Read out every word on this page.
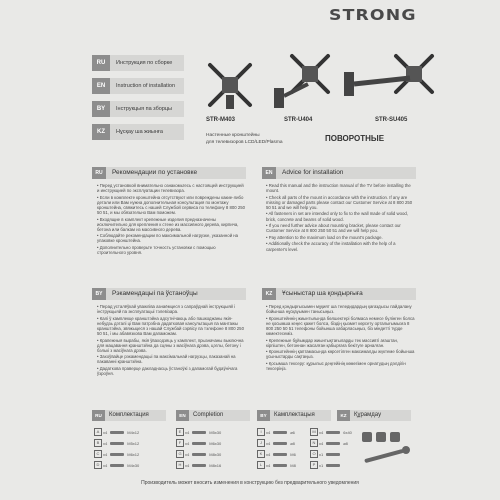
STRONG
RU	Инструкция по сборке
EN	Instruction of installation
BY	Інструкцыя па зборцы
KZ	Нұсқау ша жиынға
STR-M403	STR-U404	STR-SU405
Настенные кронштейны
для телевизоров LCD/LED/Plasma	ПОВОРОТНЫЕ
RU	Рекомендации по установке

• Перед установкой внимательно ознакомьтесь с настоящей инструкцией и инструкцией по эксплуатации телевизора.

• Если в комплекте кронштейна отсутствуют или повреждены какие-либо детали или Вам нужна дополнительная консультация по монтажу кронштейна, свяжитесь с нашей Службой сервиса по телефону 8 800 250 50 51, и мы обязательно Вам поможем.

• Входящие в комплект крепежные изделия предназначены исключительно для крепления к стене из массивного дерева, кирпича, бетона или балкам из массивного дерева.

• Соблюдайте рекомендации по максимальной нагрузке, указанной на упаковке кронштейна.

• Дополнительно проверьте точность установки с помощью строительного уровня.

EN	Advice for installation

• Read this manual and the instruction manual of the TV before installing the mount.

• Check all parts of the mount in accordance with the instruction. If any are missing or damaged parts please contact our Customer Service at 8 800 250 50 51 and we will help you.

• All fasteners in set are intended only to fix to the wall made of solid wood, brick, concrete and beams of solid wood.

• If you need further advice about mounting bracket, please contact our Customer Service at 8 800 250 50 51 and we will help you.

• Pay attention to the maximum load on the mount's package.

• Additionally check the accuracy of the installation with the help of a carpenter's level.

BY	Рэкамендацыі па ўстаноўцы

• Перад усталёўкай уважліва азнаёмцеся з сапраўднай інструкцыяй і інструкцыяй па эксплуатацыі тэлевізара.

• Калі ў камплекце кранштэйна адсутнічаюць або пашкоджаны якія-небудзь дэталі ці Вам патрэбна дадатковая кансультацыя па мантажы кранштэйна, звяжыцеся з нашай Службай сэрвісу па тэлефоне 8 800 250 50 51, і мы абавязкова Вам дапаможам.

• Крапежныя вырабы, якія ўваходзяць у камплект, прызначаны выключна для мацавання кранштэйна да сцяны з масіўнага дрэва, цэглы, бетону і бэлькі з масіўнага дрэва.

• Захоўвайце рэкамендацыі па максімальнай нагрузцы, паказанай на пакаванні кранштэйна.

• Дадаткова праверце дакладнасць ўстаноўкі з дапамогай будаўнічага ўзроўня.

KZ	Ұсыныстар ша қондырғыға

• Перед қондырғысымен мұқият ша теледидардың қағаздысы пайдалану бойынша нұсқауымен танысыңыз.

• Кронштейннің жиынтығында бөлшектері болмаса немесе бүлінген болса не қосымша кеңес қажет болса, біздің қызмет көрсету орталығымызға 8 800 250 50 51 телефоны бойынша хабарласыңыз, біз міндетті түрде көмектесеміз.

• Крепежные бұйымдар жиынтықтағыларды тек массивті ағаштан, кірпіштен, бетоннан жасалған қабырғаға бекітуге арналған.

• Кронштейннің қаптамасында көрсетілген максималды жүктеме бойынша ұсыныстарды сақтаңыз.

• Қосымша тексеру: құрылыс деңгейінің көмегімен орнатудың дәлдігін тексеріңіз.

RU	Комплектация	EN	Completion	BY	Камплектацыя	KZ	Құрамдау
A x4	M4x12
B x4	M5x12
C x4	M6x12
D x4	M4x30
E x4	M5x30
F x4	M6x30
G x4	M8x30
H x4	M8x16
I	x4	ø6
J	x4	ø8
K x4	M6
L x4	M8
M x4	6x40
N x4	ø8
O x1
P x1
Производитель может вносить изменения в конструкцию без предварительного уведомления
